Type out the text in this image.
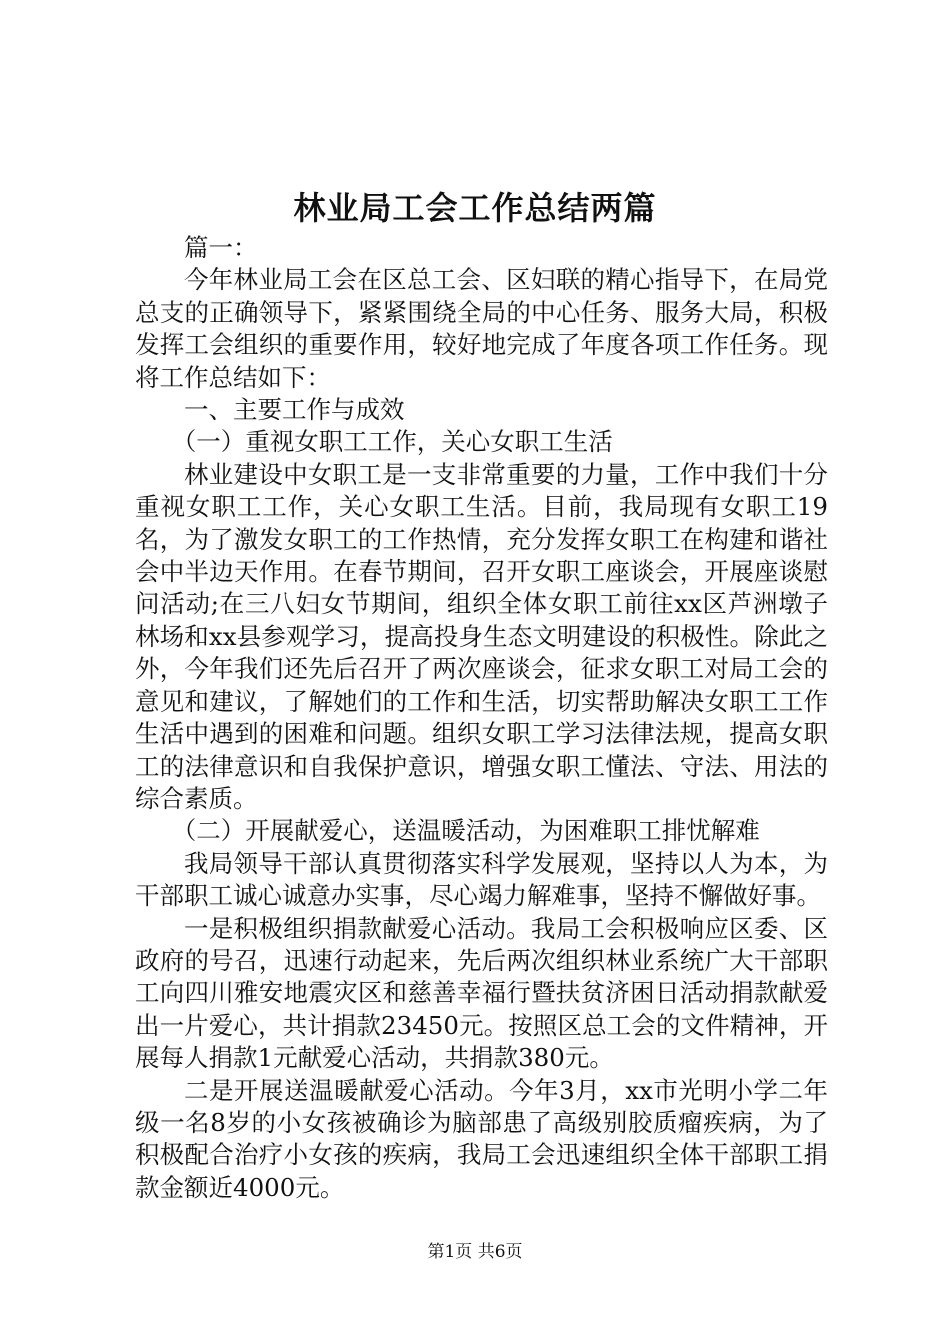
林业局工会工作总结两篇

篇一：

今年林业局工会在区总工会、区妇联的精心指导下，在局党总支的正确领导下，紧紧围绕全局的中心任务、服务大局，积极发挥工会组织的重要作用，较好地完成了年度各项工作任务。现将工作总结如下：

一、主要工作与成效

（一）重视女职工工作，关心女职工生活

林业建设中女职工是一支非常重要的力量，工作中我们十分重视女职工工作，关心女职工生活。目前，我局现有女职工19名，为了激发女职工的工作热情，充分发挥女职工在构建和谐社会中半边天作用。在春节期间，召开女职工座谈会，开展座谈慰问活动;在三八妇女节期间，组织全体女职工前往xx区芦洲墩子林场和xx县参观学习，提高投身生态文明建设的积极性。除此之外，今年我们还先后召开了两次座谈会，征求女职工对局工会的意见和建议，了解她们的工作和生活，切实帮助解决女职工工作生活中遇到的困难和问题。组织女职工学习法律法规，提高女职工的法律意识和自我保护意识，增强女职工懂法、守法、用法的综合素质。

（二）开展献爱心，送温暖活动，为困难职工排忧解难

我局领导干部认真贯彻落实科学发展观，坚持以人为本，为干部职工诚心诚意办实事，尽心竭力解难事，坚持不懈做好事。

一是积极组织捐款献爱心活动。我局工会积极响应区委、区政府的号召，迅速行动起来，先后两次组织林业系统广大干部职工向四川雅安地震灾区和慈善幸福行暨扶贫济困日活动捐款献爱出一片爱心，共计捐款23450元。按照区总工会的文件精神，开展每人捐款1元献爱心活动，共捐款380元。

二是开展送温暖献爱心活动。今年3月，xx市光明小学二年级一名8岁的小女孩被确诊为脑部患了高级别胶质瘤疾病，为了积极配合治疗小女孩的疾病，我局工会迅速组织全体干部职工捐款金额近4000元。

第1页 共6页
